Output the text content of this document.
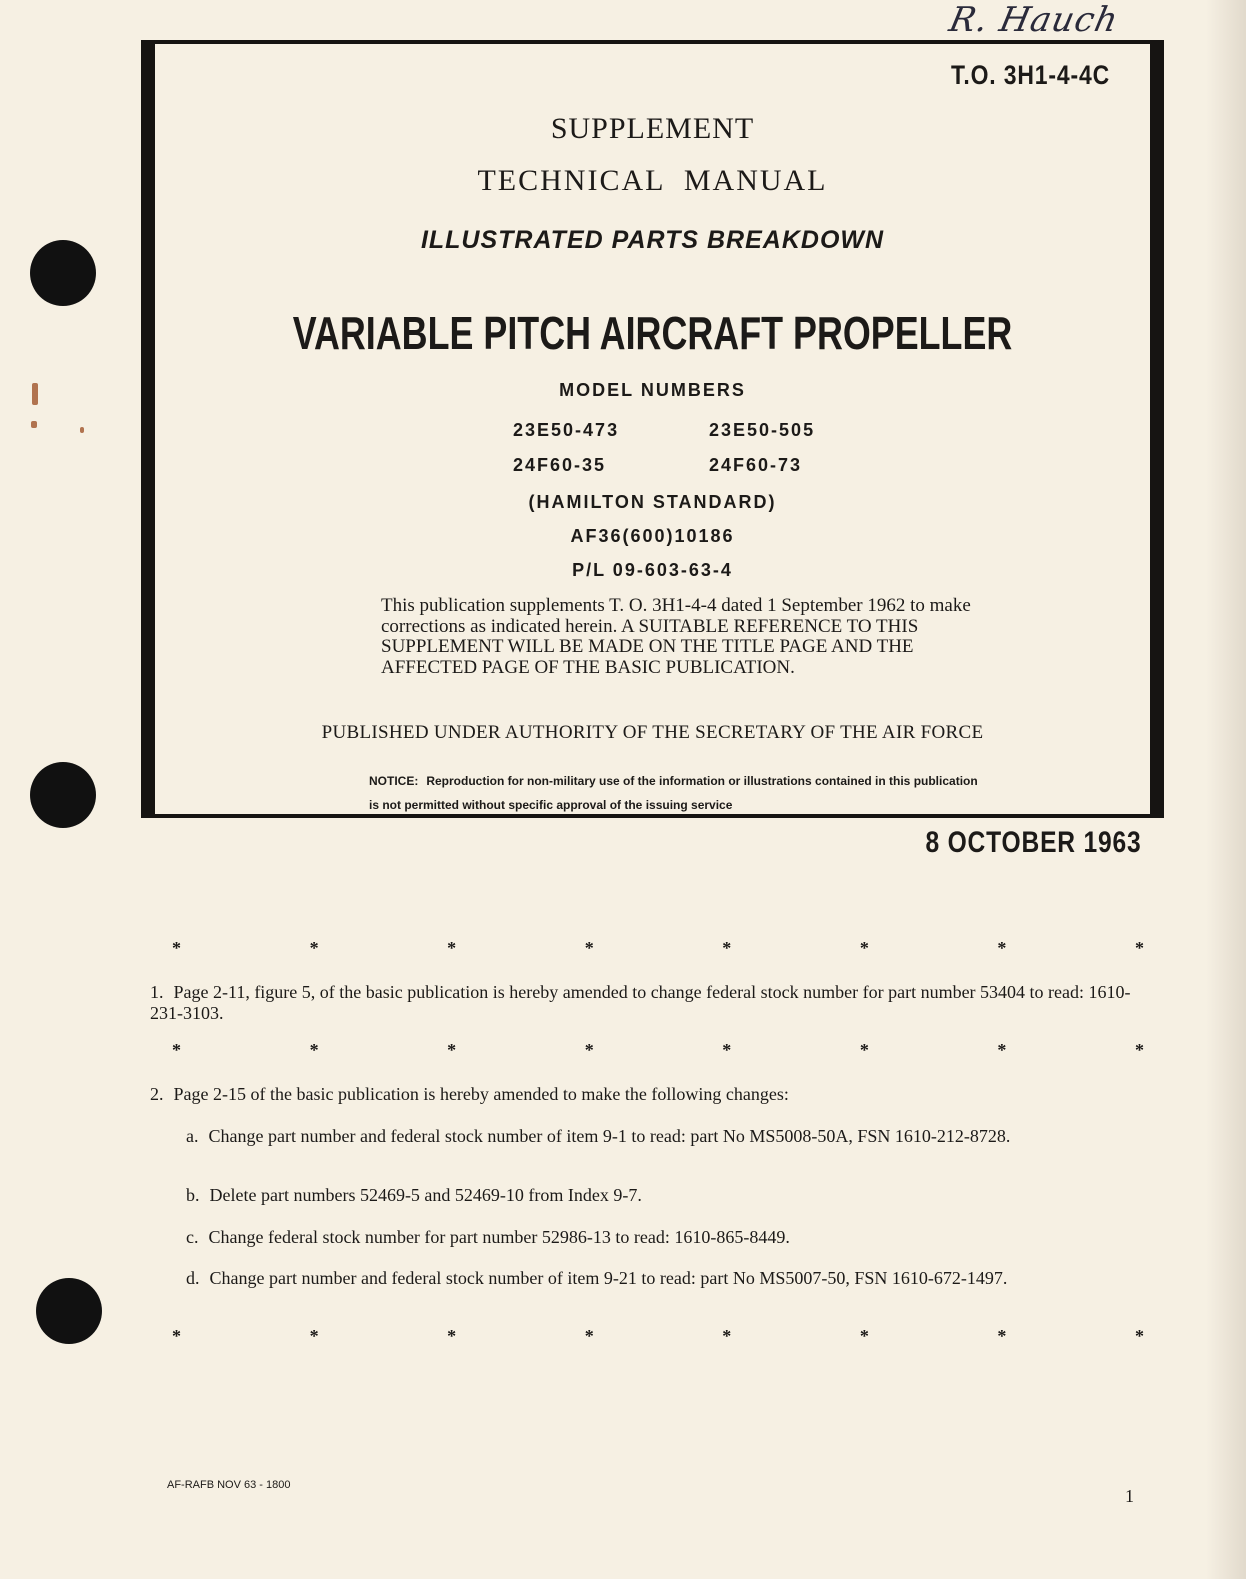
R. Hauch
T.O. 3H1-4-4C
SUPPLEMENT
TECHNICAL MANUAL
ILLUSTRATED PARTS BREAKDOWN
VARIABLE PITCH AIRCRAFT PROPELLER
MODEL NUMBERS
23E50-473	23E50-505
24F60-35	24F60-73
(HAMILTON STANDARD)
AF36(600)10186
P/L 09-603-63-4
This publication supplements T. O. 3H1-4-4 dated 1 September 1962 to make corrections as indicated herein. A SUITABLE REFERENCE TO THIS SUPPLEMENT WILL BE MADE ON THE TITLE PAGE AND THE AFFECTED PAGE OF THE BASIC PUBLICATION.
PUBLISHED UNDER AUTHORITY OF THE SECRETARY OF THE AIR FORCE
NOTICE: Reproduction for non-military use of the information or illustrations contained in this publication is not permitted without specific approval of the issuing service
8 OCTOBER 1963
*	*	*	*	*	*	*	*
1. Page 2-11, figure 5, of the basic publication is hereby amended to change federal stock number for part number 53404 to read: 1610-231-3103.
*	*	*	*	*	*	*	*
2. Page 2-15 of the basic publication is hereby amended to make the following changes:
a. Change part number and federal stock number of item 9-1 to read: part No MS5008-50A, FSN 1610-212-8728.
b. Delete part numbers 52469-5 and 52469-10 from Index 9-7.
c. Change federal stock number for part number 52986-13 to read: 1610-865-8449.
d. Change part number and federal stock number of item 9-21 to read: part No MS5007-50, FSN 1610-672-1497.
*	*	*	*	*	*	*	*
AF-RAFB NOV 63 - 1800
1
